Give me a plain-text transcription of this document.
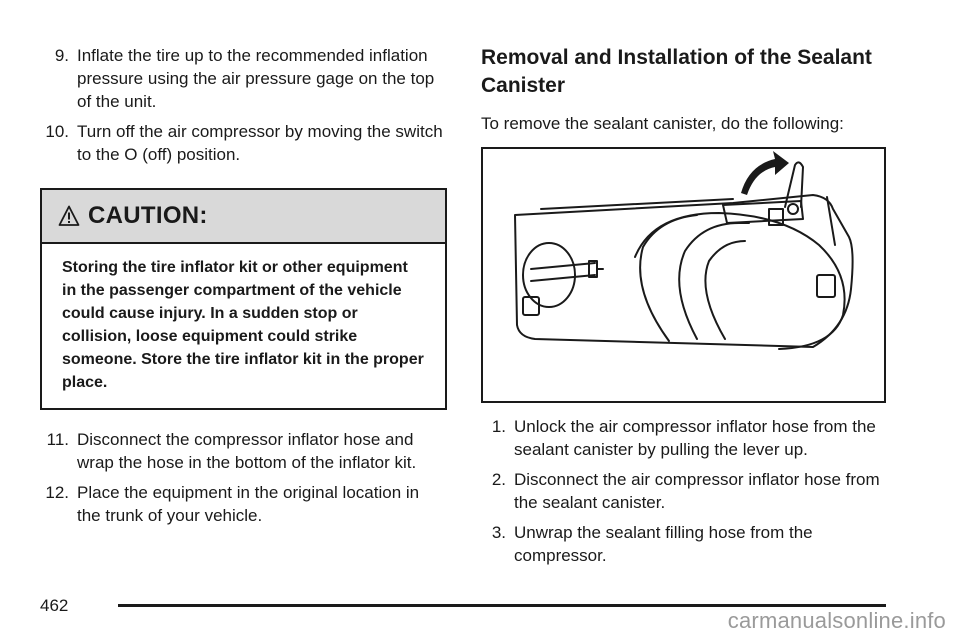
9. Inflate the tire up to the recommended inflation pressure using the air pressure gage on the top of the unit.
10. Turn off the air compressor by moving the switch to the O (off) position.
CAUTION:
Storing the tire inflator kit or other equipment in the passenger compartment of the vehicle could cause injury. In a sudden stop or collision, loose equipment could strike someone. Store the tire inflator kit in the proper place.
11. Disconnect the compressor inflator hose and wrap the hose in the bottom of the inflator kit.
12. Place the equipment in the original location in the trunk of your vehicle.
Removal and Installation of the Sealant Canister

To remove the sealant canister, do the following:

1. Unlock the air compressor inflator hose from the sealant canister by pulling the lever up.
2. Disconnect the air compressor inflator hose from the sealant canister.
3. Unwrap the sealant filling hose from the compressor.
462
carmanualsonline.info
